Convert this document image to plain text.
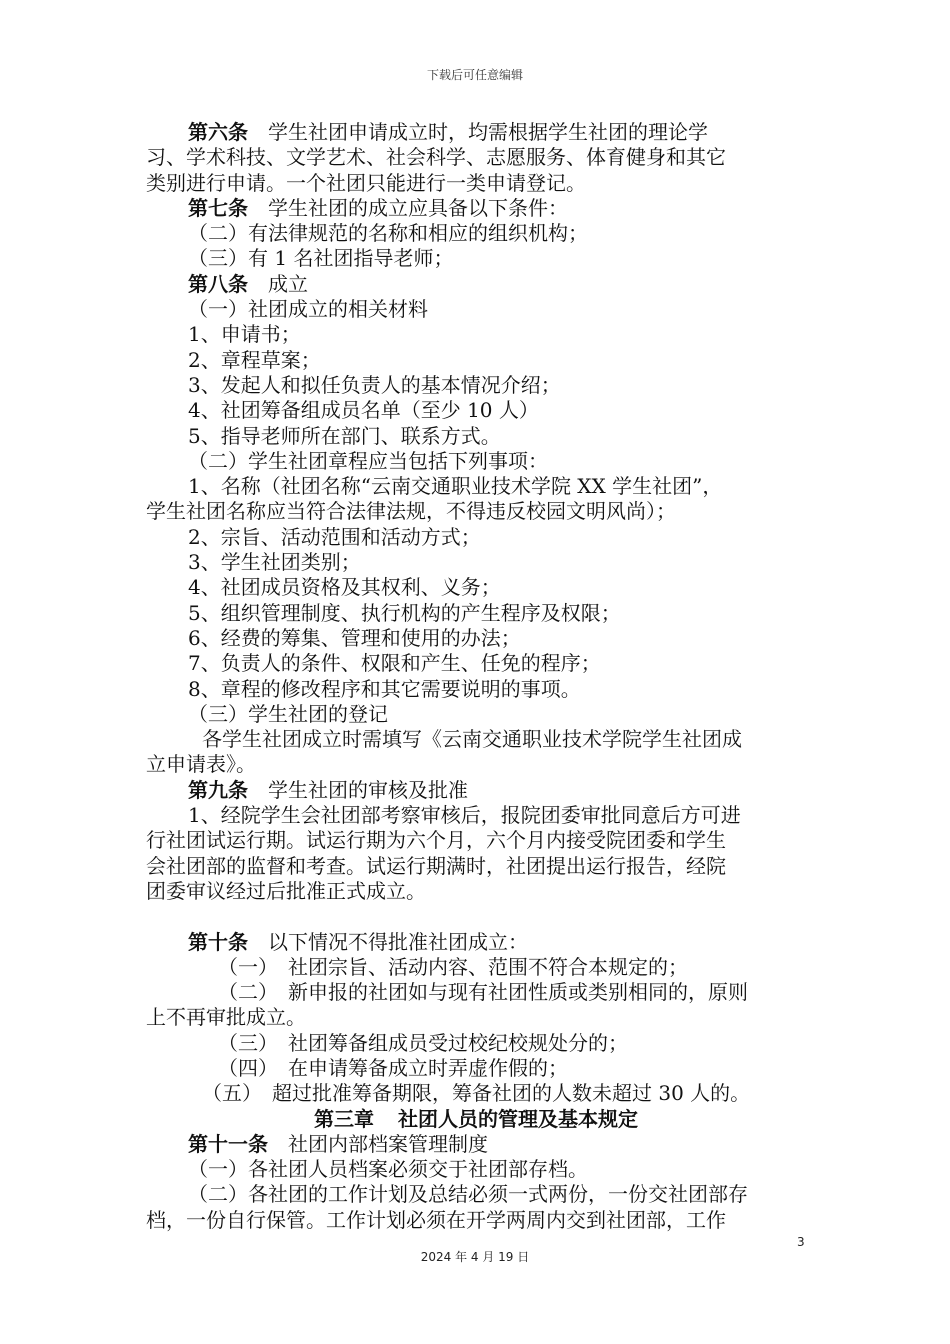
下载后可任意编辑

第六条 学生社团申请成立时，均需根据学生社团的理论学

习、学术科技、文学艺术、社会科学、志愿服务、体育健身和其它

类别进行申请。一个社团只能进行一类申请登记。

第七条 学生社团的成立应具备以下条件：

（二）有法律规范的名称和相应的组织机构；

（三）有 1 名社团指导老师；

第八条 成立

（一）社团成立的相关材料

1、申请书；

2、章程草案；

3、发起人和拟任负责人的基本情况介绍；

4、社团筹备组成员名单（至少 10 人）

5、指导老师所在部门、联系方式。

（二）学生社团章程应当包括下列事项：

1、名称（社团名称“云南交通职业技术学院 XX 学生社团”，

学生社团名称应当符合法律法规，不得违反校园文明风尚）；

2、宗旨、活动范围和活动方式；

3、学生社团类别；

4、社团成员资格及其权利、义务；

5、组织管理制度、执行机构的产生程序及权限；

6、经费的筹集、管理和使用的办法；

7、负责人的条件、权限和产生、任免的程序；

8、章程的修改程序和其它需要说明的事项。

（三）学生社团的登记

各学生社团成立时需填写《云南交通职业技术学院学生社团成

立申请表》。

第九条 学生社团的审核及批准

1、经院学生会社团部考察审核后，报院团委审批同意后方可进

行社团试运行期。试运行期为六个月，六个月内接受院团委和学生

会社团部的监督和考查。试运行期满时，社团提出运行报告，经院

团委审议经过后批准正式成立。

第十条 以下情况不得批准社团成立：

（一）　社团宗旨、活动内容、范围不符合本规定的；

（二）　新申报的社团如与现有社团性质或类别相同的，原则

上不再审批成立。

（三）　社团筹备组成员受过校纪校规处分的；

（四）　在申请筹备成立时弄虚作假的；

（五）　超过批准筹备期限，筹备社团的人数未超过 30 人的。

第三章 社团人员的管理及基本规定

第十一条 社团内部档案管理制度

（一）各社团人员档案必须交于社团部存档。

（二）各社团的工作计划及总结必须一式两份，一份交社团部存

档，一份自行保管。工作计划必须在开学两周内交到社团部，工作

3
2024 年 4 月 19 日
